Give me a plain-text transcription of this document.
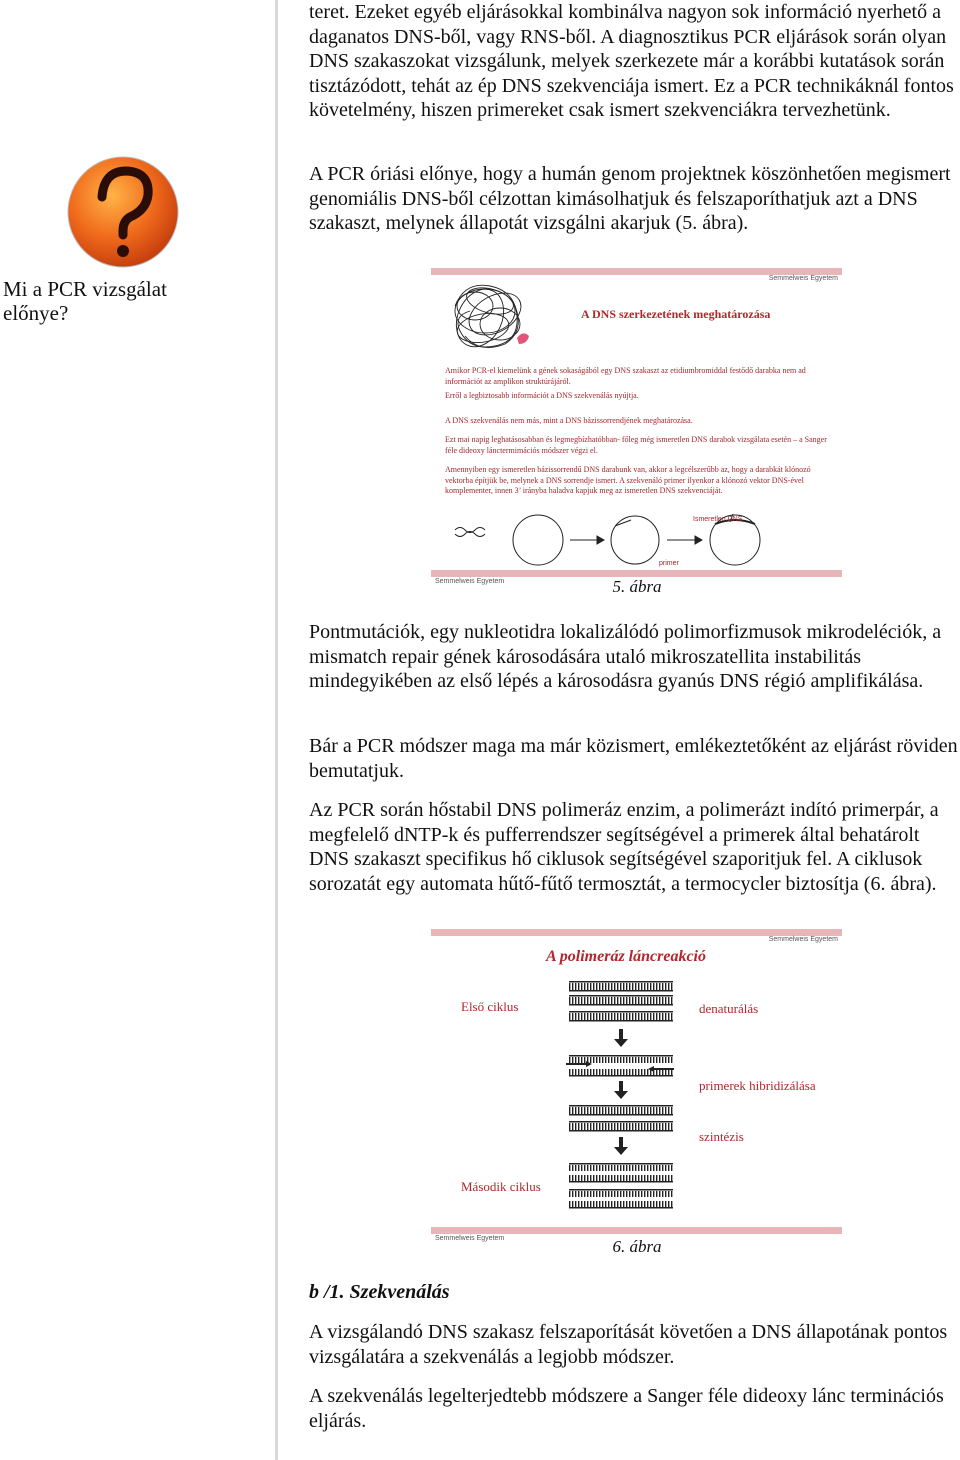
Mi a PCR vizsgálat előnye?

teret. Ezeket egyéb eljárásokkal kombinálva nagyon sok információ nyerhető a daganatos DNS-ből, vagy RNS-ből. A diagnosztikus PCR eljárások során olyan DNS szakaszokat vizsgálunk, melyek szerkezete már a korábbi kutatások során tisztázódott, tehát az ép DNS szekvenciája ismert. Ez a PCR technikáknál fontos követelmény, hiszen primereket csak ismert szekvenciákra tervezhetünk.

A PCR óriási előnye, hogy a humán genom projektnek köszönhetően megismert genomiális DNS-ből célzottan kimásolhatjuk és felszaporíthatjuk azt a DNS szakaszt, melynek állapotát vizsgálni akarjuk (5. ábra).

Semmelweis Egyetem
A DNS szerkezetének meghatározása
Amikor PCR-el kiemelünk a gének sokaságából egy DNS szakaszt az etidiumbromiddal festődő darabka nem ad információt az amplikon struktúrájáról.
Erről a legbiztosabb információt a DNS szekvenálás nyújtja.
A DNS szekvenálás nem más, mint a DNS bázissorrendjének meghatározása.
Ezt mai napig leghatásosabban és legmegbízhatóbban- főleg még ismeretlen DNS darabok vizsgálata esetén – a Sanger féle dideoxy lánctermimációs módszer végzi el.
Amennyiben egy ismeretlen bázissorrendű DNS darabunk van, akkor a legcélszerűbb az, hogy a darabkát klónozó vektorba építjük be, melynek a DNS sorrendje ismert. A szekvenáló primer ilyenkor a klónozó vektor DNS-ével komplementer, innen 3’ irányba haladva kapjuk meg az ismeretlen DNS szekvenciáját.
Ismeretlen DNS
primer
Semmelweis Egyetem	5. ábra

Pontmutációk, egy nukleotidra lokalizálódó polimorfizmusok mikrodeléciók, a mismatch repair gének károsodására utaló mikroszatellita instabilitás mindegyikében az első lépés a károsodásra gyanús DNS régió amplifikálása.

Bár a PCR módszer maga ma már közismert, emlékeztetőként az eljárást röviden bemutatjuk.

Az PCR során hőstabil DNS polimeráz enzim, a polimerázt indító primerpár, a megfelelő dNTP-k és pufferrendszer segítségével a primerek által behatárolt DNS szakaszt specifikus hő ciklusok segítségével szaporitjuk fel. A ciklusok sorozatát egy automata hűtő-fűtő termosztát, a termocycler biztosítja (6. ábra).

Semmelweis Egyetem
A polimeráz láncreakció
Első ciklus	denaturálás
primerek hibridizálása
szintézis
Második ciklus
Semmelweis Egyetem	6. ábra
b /1. Szekvenálás

A vizsgálandó DNS szakasz felszaporítását követően a DNS állapotának pontos vizsgálatára a szekvenálás a legjobb módszer.

A szekvenálás legelterjedtebb módszere a Sanger féle dideoxy lánc terminációs eljárás.
